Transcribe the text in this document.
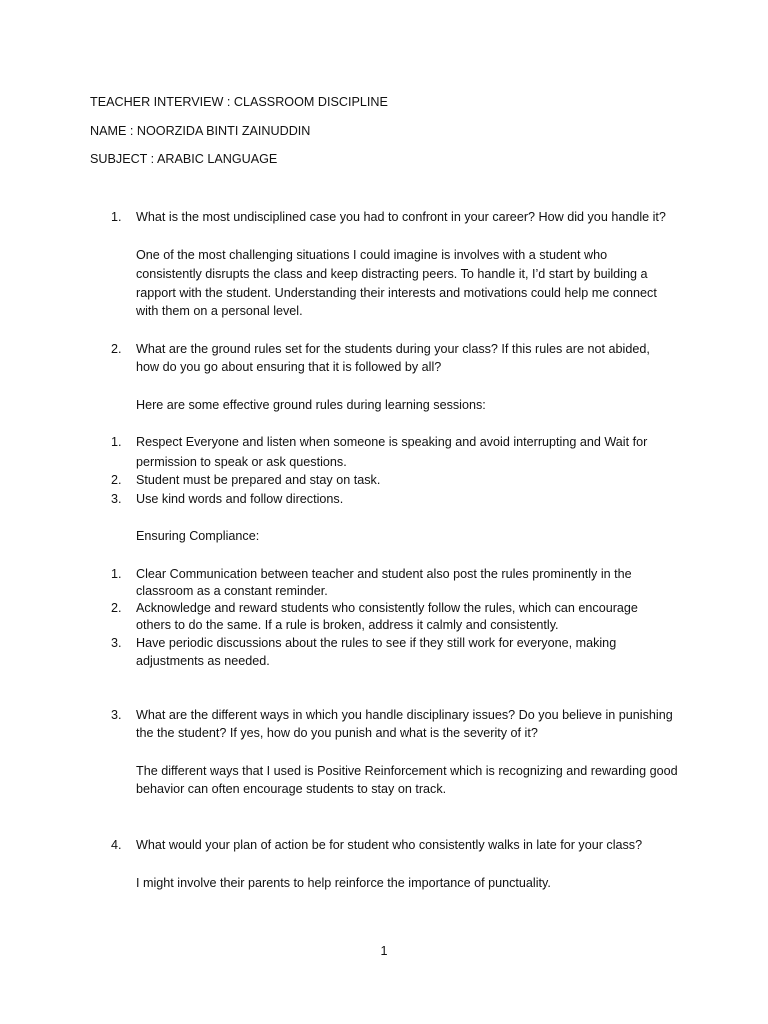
TEACHER INTERVIEW : CLASSROOM DISCIPLINE
NAME : NOORZIDA BINTI ZAINUDDIN
SUBJECT : ARABIC LANGUAGE
1. What is the most undisciplined case you had to confront in your career? How did you handle it?
One of the most challenging situations I could imagine is involves with a student who
consistently disrupts the class and keep distracting peers. To handle it, I’d start by building a
rapport with the student. Understanding their interests and motivations could help me connect
with them on a personal level.
2. What are the ground rules set for the students during your class? If this rules are not abided,
how do you go about ensuring that it is followed by all?
Here are some effective ground rules during learning sessions:
1. Respect Everyone and listen when someone is speaking and avoid interrupting and Wait for
permission to speak or ask questions.
2. Student must be prepared and stay on task.
3. Use kind words and follow directions.
Ensuring Compliance:
1. Clear Communication between teacher and student also post the rules prominently in the
classroom as a constant reminder.
2. Acknowledge and reward students who consistently follow the rules, which can encourage
others to do the same. If a rule is broken, address it calmly and consistently.
3. Have periodic discussions about the rules to see if they still work for everyone, making
adjustments as needed.
3. What are the different ways in which you handle disciplinary issues? Do you believe in punishing
the the student? If yes, how do you punish and what is the severity of it?
The different ways that I used is Positive Reinforcement which is recognizing and rewarding good
behavior can often encourage students to stay on track.
4. What would your plan of action be for student who consistently walks in late for your class?
I might involve their parents to help reinforce the importance of punctuality.
1
